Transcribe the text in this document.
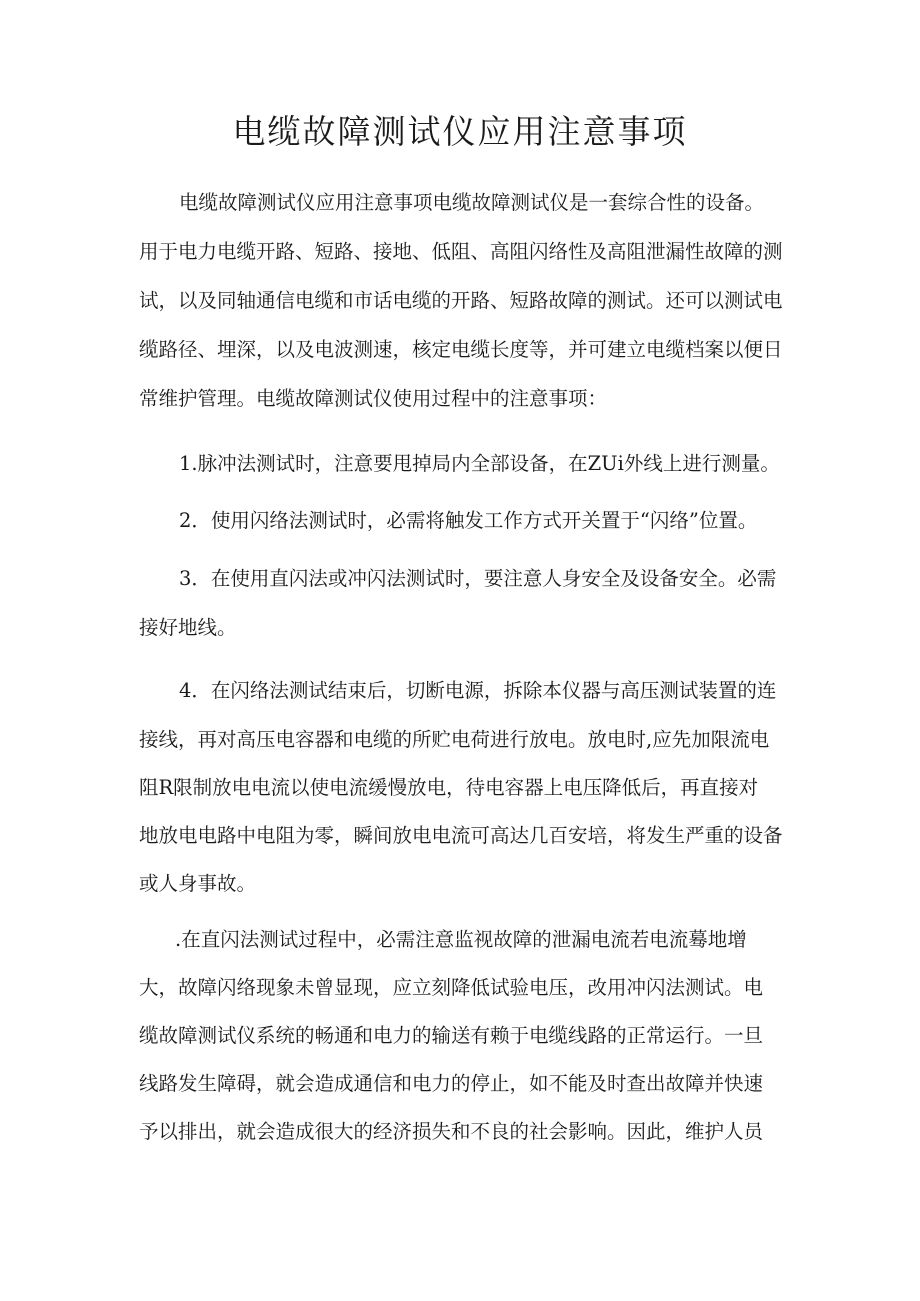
电缆故障测试仪应用注意事项
电缆故障测试仪应用注意事项电缆故障测试仪是一套综合性的设备。
用于电力电缆开路、短路、接地、低阻、高阻闪络性及高阻泄漏性故障的测
试，以及同轴通信电缆和市话电缆的开路、短路故障的测试。还可以测试电
缆路径、埋深，以及电波测速，核定电缆长度等，并可建立电缆档案以便日
常维护管理。电缆故障测试仪使用过程中的注意事项：
1.脉冲法测试时，注意要甩掉局内全部设备，在ZUi外线上进行测量。
2．使用闪络法测试时，必需将触发工作方式开关置于“闪络”位置。
3．在使用直闪法或冲闪法测试时，要注意人身安全及设备安全。必需
接好地线。
4．在闪络法测试结束后，切断电源，拆除本仪器与高压测试装置的连
接线，再对高压电容器和电缆的所贮电荷进行放电。放电时,应先加限流电
阻R限制放电电流以使电流缓慢放电，待电容器上电压降低后，再直接对
地放电电路中电阻为零，瞬间放电电流可高达几百安培，将发生严重的设备
或人身事故。
.在直闪法测试过程中，必需注意监视故障的泄漏电流若电流蓦地增
大，故障闪络现象未曾显现，应立刻降低试验电压，改用冲闪法测试。电
缆故障测试仪系统的畅通和电力的输送有赖于电缆线路的正常运行。一旦
线路发生障碍，就会造成通信和电力的停止，如不能及时查出故障并快速
予以排出，就会造成很大的经济损失和不良的社会影响。因此，维护人员
